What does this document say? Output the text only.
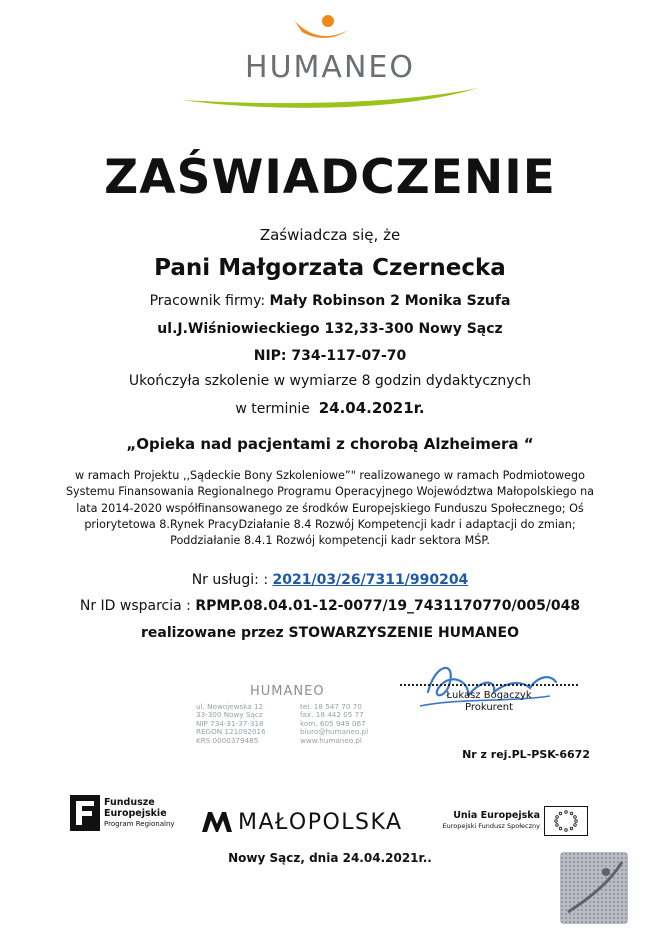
HUMANEO
ZAŚWIADCZENIE
Zaświadcza się, że
Pani Małgorzata Czernecka
Pracownik firmy: Mały Robinson 2 Monika Szufa
ul.J.Wiśniowieckiego 132,33-300 Nowy Sącz
NIP: 734-117-07-70
Ukończyła szkolenie w wymiarze 8 godzin dydaktycznych
w terminie 24.04.2021r.
„Opieka nad pacjentami z chorobą Alzheimera “
w ramach Projektu ,,Sądeckie Bony Szkoleniowe”" realizowanego w ramach Podmiotowego Systemu Finansowania Regionalnego Programu Operacyjnego Województwa Małopolskiego na lata 2014-2020 współfinansowanego ze środków Europejskiego Funduszu Społecznego; Oś priorytetowa 8.Rynek PracyDziałanie 8.4 Rozwój Kompetencji kadr i adaptacji do zmian; Poddziałanie 8.4.1 Rozwój kompetencji kadr sektora MŚP.
Nr usługi: : 2021/03/26/7311/990204
Nr ID wsparcia : RPMP.08.04.01-12-0077/19_7431170770/005/048
realizowane przez STOWARZYSZENIE HUMANEO
HUMANEO
ul. Nowojewska 12
33-300 Nowy Sącz
NIP 734-31-37-318
REGON 121092016
KRS 0000379485
tel. 18 547 70 70
fax. 18 442 05 77
kom. 605 949 067
biuro@humaneo.pl
www.humaneo.pl
Łukasz Bogaczyk
Prokurent
Nr z rej.PL-PSK-6672
Fundusze
Europejskie
Program Regionalny	MAŁOPOLSKA	Unia Europejska
Europejski Fundusz Społeczny
Nowy Sącz, dnia 24.04.2021r..
